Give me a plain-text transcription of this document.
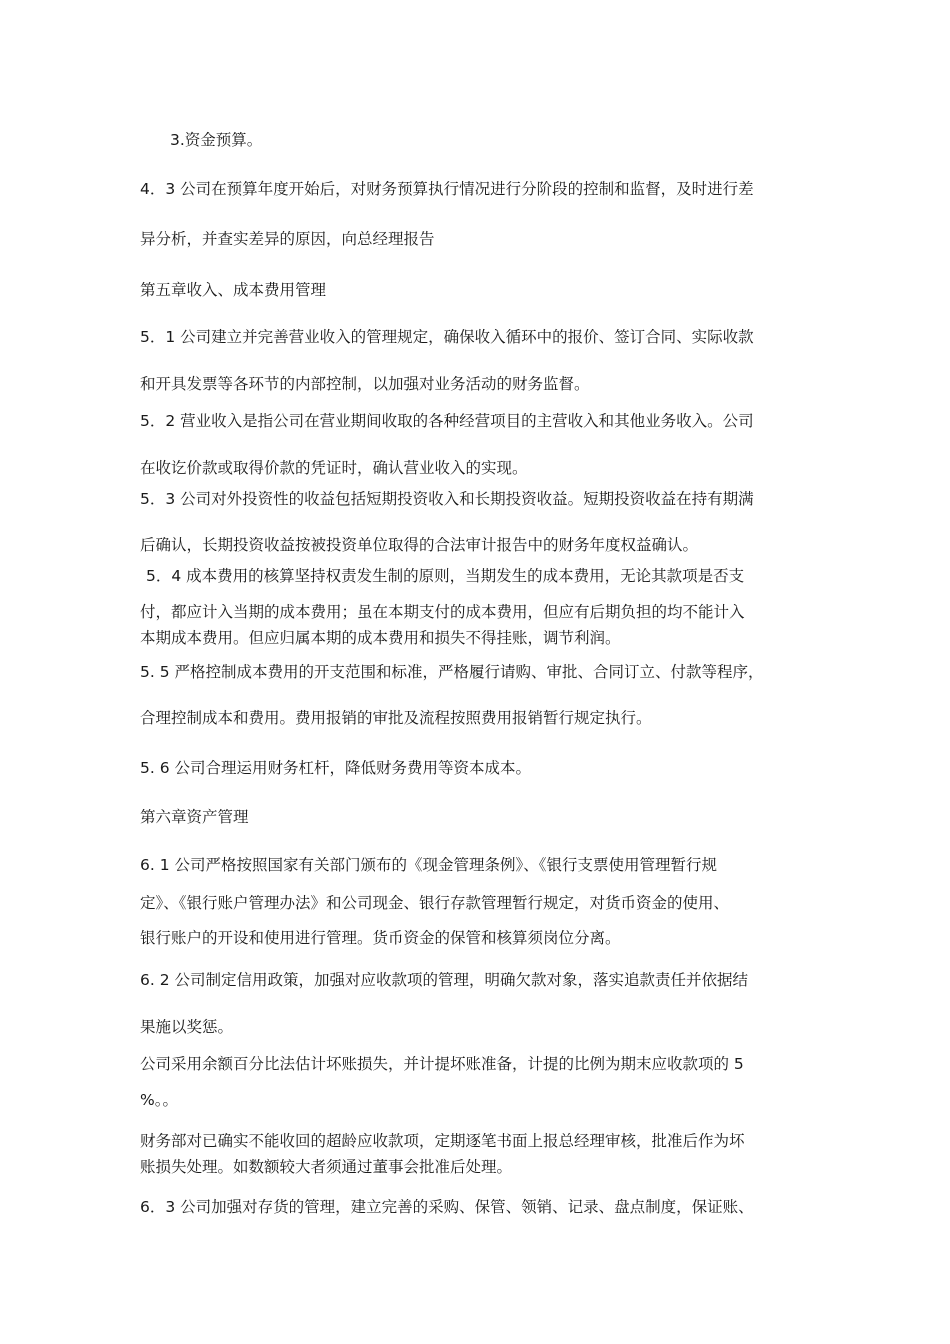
3.资金预算。
4．3 公司在预算年度开始后，对财务预算执行情况进行分阶段的控制和监督，及时进行差
异分析，并查实差异的原因，向总经理报告
第五章收入、成本费用管理
5．1 公司建立并完善营业收入的管理规定，确保收入循环中的报价、签订合同、实际收款
和开具发票等各环节的内部控制，以加强对业务活动的财务监督。
5．2 营业收入是指公司在营业期间收取的各种经营项目的主营收入和其他业务收入。公司
在收讫价款或取得价款的凭证时，确认营业收入的实现。
5．3 公司对外投资性的收益包括短期投资收入和长期投资收益。短期投资收益在持有期满
后确认，长期投资收益按被投资单位取得的合法审计报告中的财务年度权益确认。
5．4 成本费用的核算坚持权责发生制的原则，当期发生的成本费用，无论其款项是否支
付，都应计入当期的成本费用；虽在本期支付的成本费用，但应有后期负担的均不能计入
本期成本费用。但应归属本期的成本费用和损失不得挂账，调节利润。
5. 5 严格控制成本费用的开支范围和标准，严格履行请购、审批、合同订立、付款等程序，
合理控制成本和费用。费用报销的审批及流程按照费用报销暂行规定执行。
5. 6 公司合理运用财务杠杆，降低财务费用等资本成本。
第六章资产管理
6. 1 公司严格按照国家有关部门颁布的《现金管理条例》、《银行支票使用管理暂行规
定》、《银行账户管理办法》和公司现金、银行存款管理暂行规定，对货币资金的使用、
银行账户的开设和使用进行管理。货币资金的保管和核算须岗位分离。
6. 2 公司制定信用政策，加强对应收款项的管理，明确欠款对象，落实追款责任并依据结
果施以奖惩。
公司采用余额百分比法估计坏账损失，并计提坏账准备，计提的比例为期末应收款项的 5
%。。
财务部对已确实不能收回的超龄应收款项，定期逐笔书面上报总经理审核，批准后作为坏
账损失处理。如数额较大者须通过董事会批准后处理。
6．3 公司加强对存货的管理，建立完善的采购、保管、领销、记录、盘点制度，保证账、
